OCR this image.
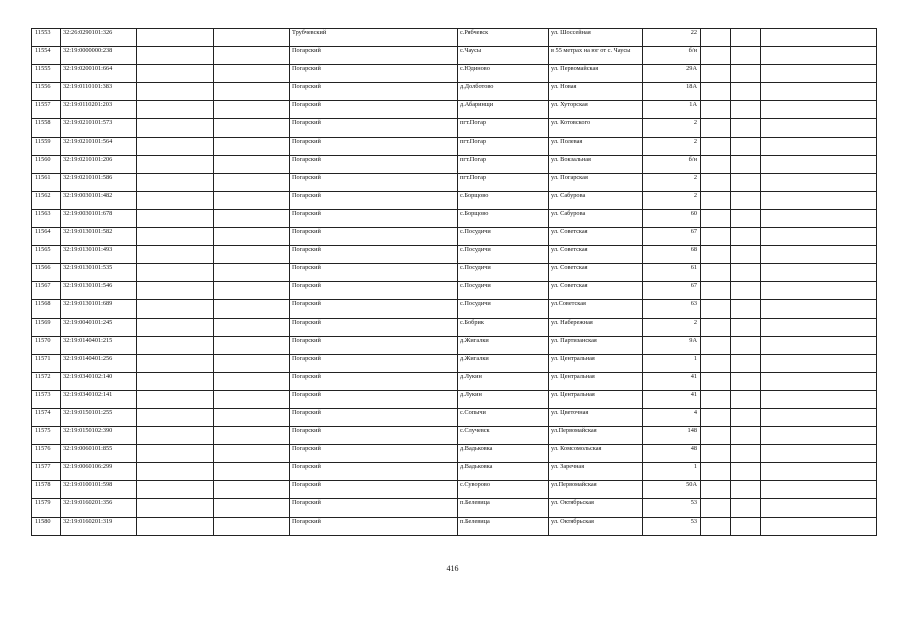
11553	32:26:0290101:326			Трубчевский	с.Рябчевск	ул. Шоссейная	22			
11554	32:19:0000000:238			Погарский	с.Чаусы	в 55 метрах на юг от с. Чаусы	б/н			
11555	32:19:0200101:664			Погарский	с.Юдиново	ул. Первомайская	29А			
11556	32:19:0110101:383			Погарский	д.Долботово	ул. Новая	18А			
11557	32:19:0110201:203			Погарский	д.Абаринщи	ул. Хуторская	1А			
11558	32:19:0210101:573			Погарский	пгт.Погар	ул. Котовского	2			
11559	32:19:0210101:564			Погарский	пгт.Погар	ул. Полевая	2			
11560	32:19:0210101:206			Погарский	пгт.Погар	ул. Вокзальная	б/н			
11561	32:19:0210101:586			Погарский	пгт.Погар	ул. Погарская	2			
11562	32:19:0030101:482			Погарский	с.Борщово	ул. Сабурова	2			
11563	32:19:0030101:678			Погарский	с.Борщово	ул. Сабурова	60			
11564	32:19:0130101:582			Погарский	с.Посудичи	ул. Советская	67			
11565	32:19:0130101:493			Погарский	с.Посудичи	ул. Советская	68			
11566	32:19:0130101:535			Погарский	с.Посудичи	ул. Советская	61			
11567	32:19:0130101:546			Погарский	с.Посудичи	ул. Советская	67			
11568	32:19:0130101:689			Погарский	с.Посудичи	ул.Советская	63			
11569	32:19:0040101:245			Погарский	с.Бобрик	ул. Набережная	2			
11570	32:19:0140401:215			Погарский	д.Жигалки	ул. Партизанская	9А			
11571	32:19:0140401:256			Погарский	д.Жигалки	ул. Центральная	1			
11572	32:19:0340102:140			Погарский	д.Лукин	ул. Центральная	41			
11573	32:19:0340102:141			Погарский	д.Лукин	ул. Центральная	41			
11574	32:19:0150101:255			Погарский	с.Сопычи	ул. Цветочная	4			
11575	32:19:0150102:390			Погарский	с.Случевск	ул.Первомайская	148			
11576	32:19:0060101:855			Погарский	д.Вадьковка	ул. Комсомольская	48			
11577	32:19:0060106:299			Погарский	д.Вадьковка	ул. Заречная	1			
11578	32:19:0100101:598			Погарский	с.Суворово	ул.Первомайская	50А			
11579	32:19:0160201:356			Погарский	п.Белевица	ул. Октябрьская	53			
11580	32:19:0160201:319			Погарский	п.Белевица	ул. Октябрьская	53			
416
